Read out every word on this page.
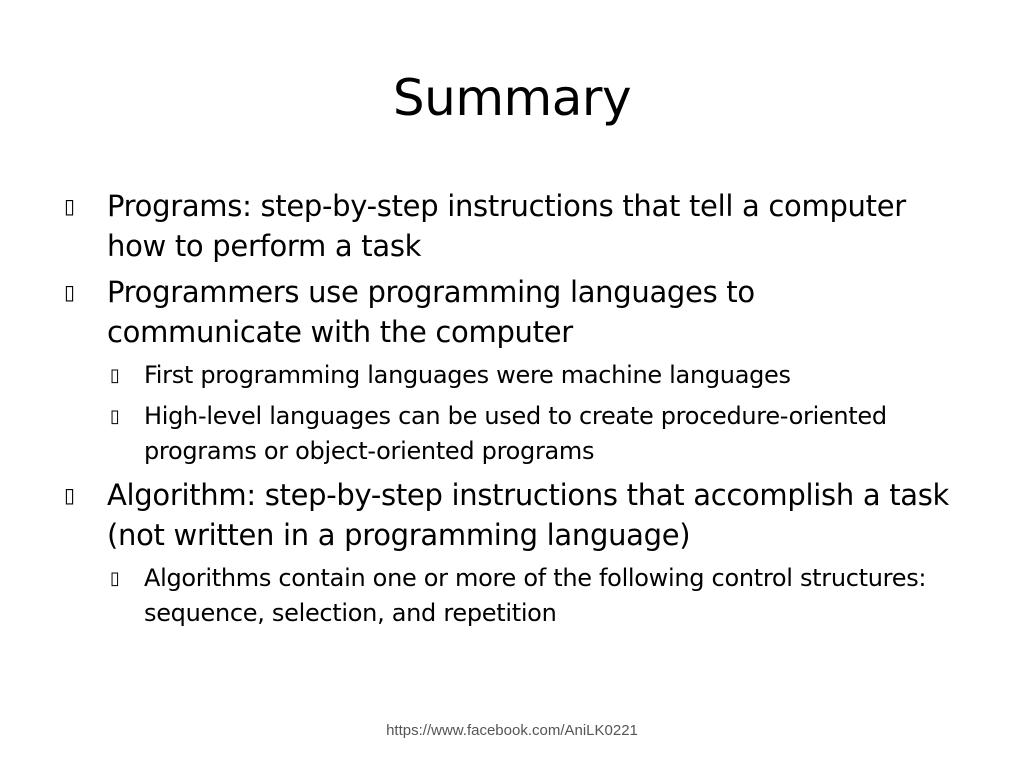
Summary
▯ Programs: step-by-step instructions that tell a computer how to perform a task
▯ Programmers use programming languages to communicate with the computer
▯ First programming languages were machine languages
▯ High-level languages can be used to create procedure-oriented programs or object-oriented programs
▯ Algorithm: step-by-step instructions that accomplish a task (not written in a programming language)
▯ Algorithms contain one or more of the following control structures: sequence, selection, and repetition
https://www.facebook.com/AniLK0221
